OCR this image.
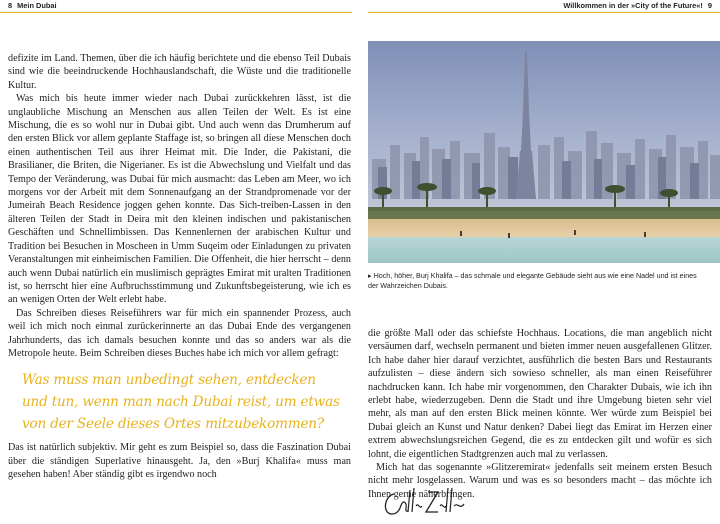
8 Mein Dubai	Willkommen in der »City of the Future«! 9

defizite im Land. Themen, über die ich häufig berichtete und die ebenso Teil Dubais sind wie die beeindruckende Hochhauslandschaft, die Wüste und die traditionelle Kultur.

Was mich bis heute immer wieder nach Dubai zurückkehren lässt, ist die unglaubliche Mischung an Menschen aus allen Teilen der Welt. Es ist eine Mischung, die es so wohl nur in Dubai gibt. Und auch wenn das Drumherum auf den ersten Blick vor allem geplante Staffage ist, so bringen all diese Menschen doch einen authentischen Teil aus ihrer Heimat mit. Die Inder, die Pakistani, die Brasilianer, die Briten, die Nigerianer. Es ist die Abwechslung und Vielfalt und das Tempo der Veränderung, was Dubai für mich ausmacht: das Leben am Meer, wo ich morgens vor der Arbeit mit dem Sonnenaufgang an der Strandpromenade vor der Jumeirah Beach Residence joggen gehen konnte. Das Sich-treiben-Lassen in den älteren Teilen der Stadt in Deira mit den kleinen indischen und pakistanischen Geschäften und Schnellimbissen. Das Kennenlernen der arabischen Kultur und Tradition bei Besuchen in Moscheen in Umm Suqeim oder Einladungen zu privaten Veranstaltungen mit einheimischen Familien. Die Offenheit, die hier herrscht – denn auch wenn Dubai natürlich ein muslimisch geprägtes Emirat mit uralten Traditionen ist, so herrscht hier eine Aufbruchsstimmung und Zukunftsbegeisterung, wie ich es an wenigen Orten der Welt erlebt habe.

Das Schreiben dieses Reiseführers war für mich ein spannender Prozess, auch weil ich mich noch einmal zurückerinnerte an das Dubai Ende des vergangenen Jahrhunderts, das ich damals besuchen konnte und das so anders war als die Metropole heute. Beim Schreiben dieses Buches habe ich mich vor allem gefragt:

Was muss man unbedingt sehen, entdecken
und tun, wenn man nach Dubai reist, um etwas
von der Seele dieses Ortes mitzubekommen?

Das ist natürlich subjektiv. Mir geht es zum Beispiel so, dass die Faszination Dubai über die ständigen Superlative hinausgeht. Ja, den »Burj Khalifa« muss man gesehen haben! Aber ständig gibt es irgendwo noch

▸ Hoch, höher, Burj Khalifa – das schmale und elegante Gebäude sieht aus wie eine Nadel und ist eines der Wahrzeichen Dubais.

die größte Mall oder das schiefste Hochhaus. Locations, die man angeblich nicht versäumen darf, wechseln permanent und bieten immer neuen ausgefallenen Glitzer. Ich habe daher hier darauf verzichtet, ausführlich die besten Bars und Restaurants aufzulisten – diese ändern sich sowieso schneller, als man einen Reiseführer nachdrucken kann. Ich habe mir vorgenommen, den Charakter Dubais, wie ich ihn erlebt habe, wiederzugeben. Denn die Stadt und ihre Umgebung bieten sehr viel mehr, als man auf den ersten Blick meinen könnte. Wer würde zum Beispiel bei Dubai gleich an Kunst und Natur denken? Dabei liegt das Emirat im Herzen einer extrem abwechslungsreichen Gegend, die es zu entdecken gilt und wofür es sich lohnt, die eigentlichen Stadtgrenzen auch mal zu verlassen.

Mich hat das sogenannte »Glitzeremirat« jedenfalls seit meinem ersten Besuch nicht mehr losgelassen. Warum und was es so besonders macht – das möchte ich Ihnen gerne näherbringen.
